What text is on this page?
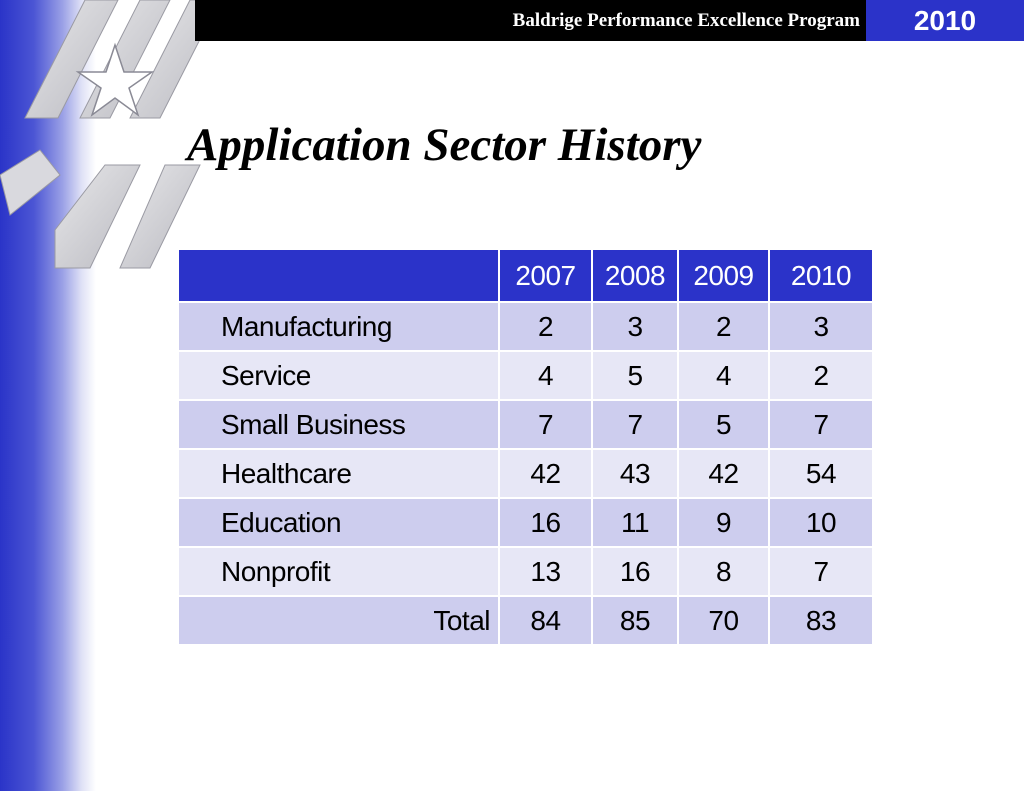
Baldrige Performance Excellence Program	2010
Application Sector History
	2007	2008	2009	2010
Manufacturing	2	3	2	3
Service	4	5	4	2
Small Business	7	7	5	7
Healthcare	42	43	42	54
Education	16	11	9	10
Nonprofit	13	16	8	7
Total	84	85	70	83
